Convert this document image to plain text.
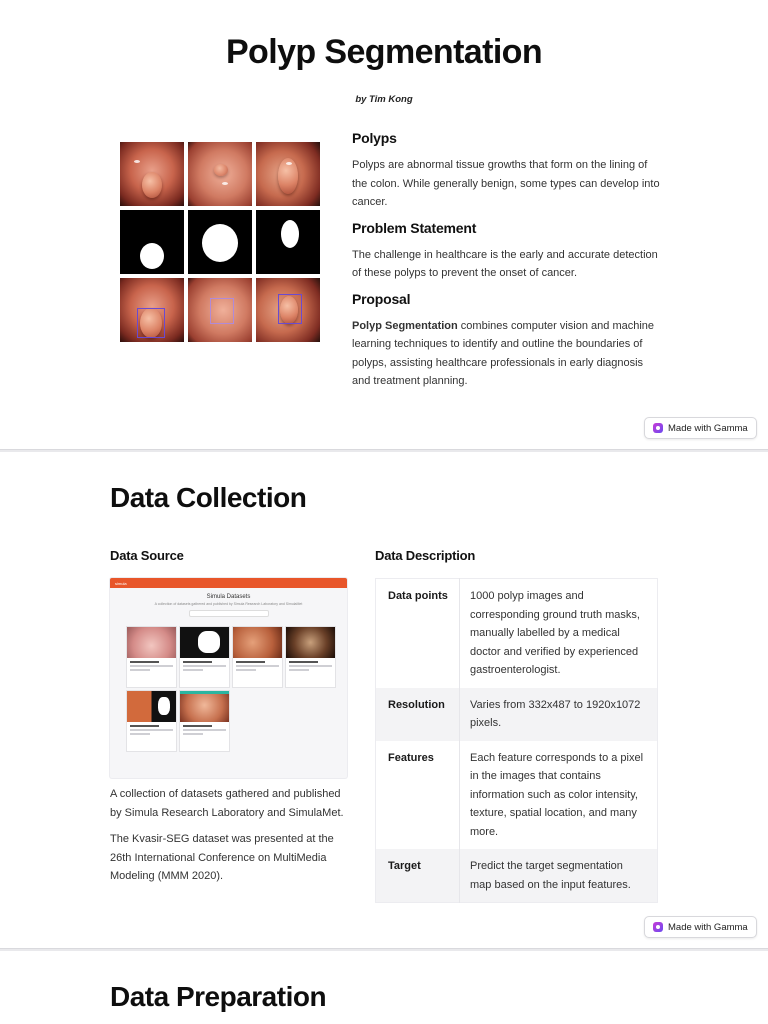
Polyp Segmentation
by Tim Kong
Polyps

Polyps are abnormal tissue growths that form on the lining of the colon. While generally benign, some types can develop into cancer.

Problem Statement

The challenge in healthcare is the early and accurate detection of these polyps to prevent the onset of cancer.

Proposal

Polyp Segmentation combines computer vision and machine learning techniques to identify and outline the boundaries of polyps, assisting healthcare professionals in early diagnosis and treatment planning.

Made with Gamma
Data Collection
Data Source	Data Description
simula
Simula Datasets
A collection of datasets gathered and published by Simula Research Laboratory and SimulaMet

A collection of datasets gathered and published by Simula Research Laboratory and SimulaMet.

The Kvasir-SEG dataset was presented at the 26th International Conference on MultiMedia Modeling (MMM 2020).

Data points	1000 polyp images and corresponding ground truth masks, manually labelled by a medical doctor and verified by experienced gastroenterologist.
Resolution	Varies from 332x487 to 1920x1072 pixels.
Features	Each feature corresponds to a pixel in the images that contains information such as color intensity, texture, spatial location, and many more.
Target	Predict the target segmentation map based on the input features.
Made with Gamma
Data Preparation
